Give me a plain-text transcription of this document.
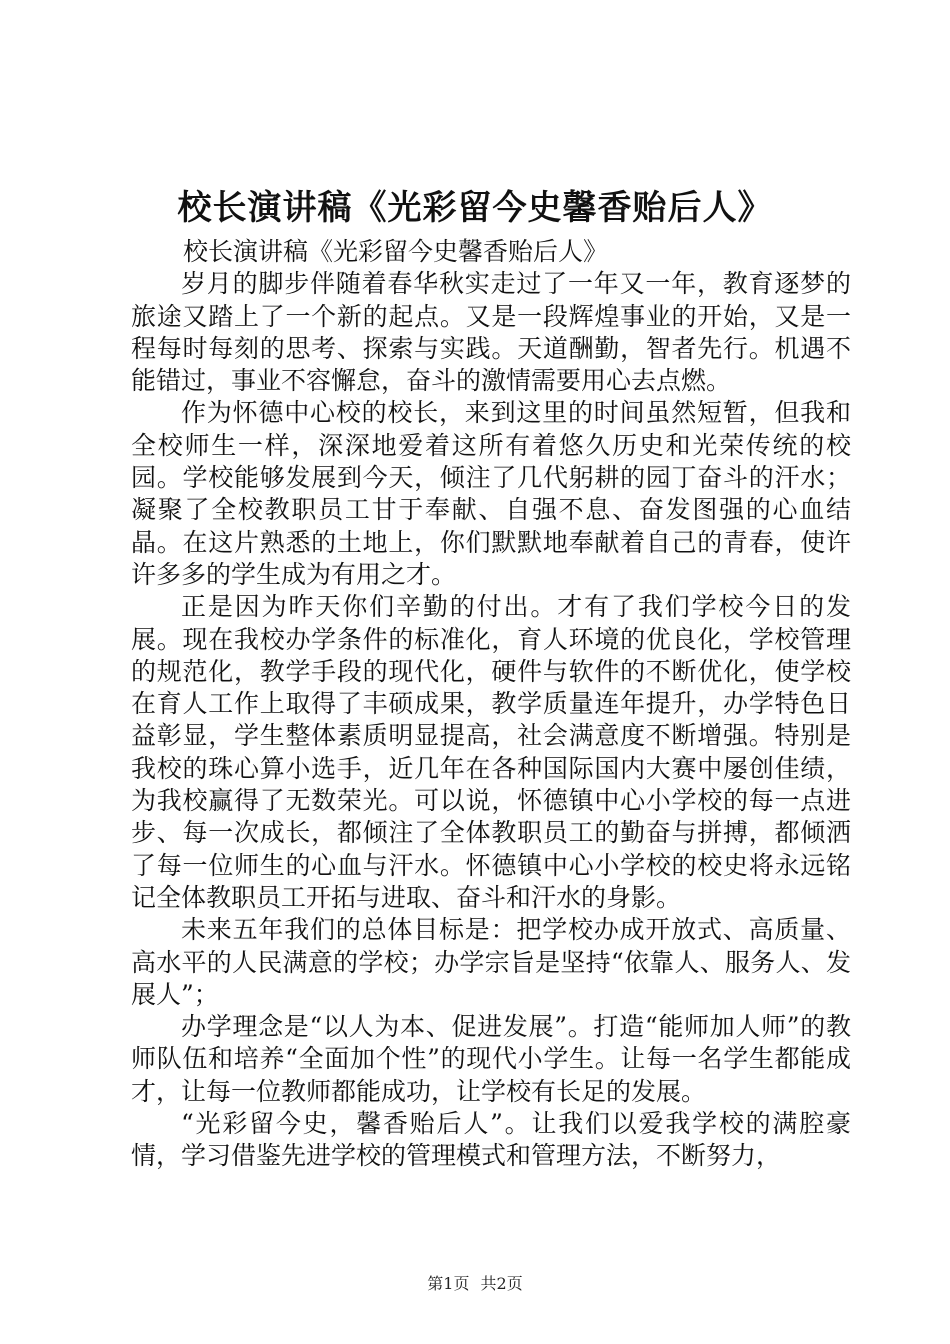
校长演讲稿《光彩留今史馨香贻后人》

校长演讲稿《光彩留今史馨香贻后人》

岁月的脚步伴随着春华秋实走过了一年又一年，教育逐梦的旅途又踏上了一个新的起点。又是一段辉煌事业的开始，又是一程每时每刻的思考、探索与实践。天道酬勤，智者先行。机遇不能错过，事业不容懈怠，奋斗的激情需要用心去点燃。

作为怀德中心校的校长，来到这里的时间虽然短暂，但我和全校师生一样，深深地爱着这所有着悠久历史和光荣传统的校园。学校能够发展到今天，倾注了几代躬耕的园丁奋斗的汗水；凝聚了全校教职员工甘于奉献、自强不息、奋发图强的心血结晶。在这片熟悉的土地上，你们默默地奉献着自己的青春，使许许多多的学生成为有用之才。

正是因为昨天你们辛勤的付出。才有了我们学校今日的发展。现在我校办学条件的标准化，育人环境的优良化，学校管理的规范化，教学手段的现代化，硬件与软件的不断优化，使学校在育人工作上取得了丰硕成果，教学质量连年提升，办学特色日益彰显，学生整体素质明显提高，社会满意度不断增强。特别是我校的珠心算小选手，近几年在各种国际国内大赛中屡创佳绩，为我校赢得了无数荣光。可以说，怀德镇中心小学校的每一点进步、每一次成长，都倾注了全体教职员工的勤奋与拼搏，都倾洒了每一位师生的心血与汗水。怀德镇中心小学校的校史将永远铭记全体教职员工开拓与进取、奋斗和汗水的身影。

未来五年我们的总体目标是：把学校办成开放式、高质量、高水平的人民满意的学校；办学宗旨是坚持“依靠人、服务人、发展人”；

办学理念是“以人为本、促进发展”。打造“能师加人师”的教师队伍和培养“全面加个性”的现代小学生。让每一名学生都能成才，让每一位教师都能成功，让学校有长足的发展。

“光彩留今史，馨香贻后人”。让我们以爱我学校的满腔豪情，学习借鉴先进学校的管理模式和管理方法，不断努力，

第1页 共2页
